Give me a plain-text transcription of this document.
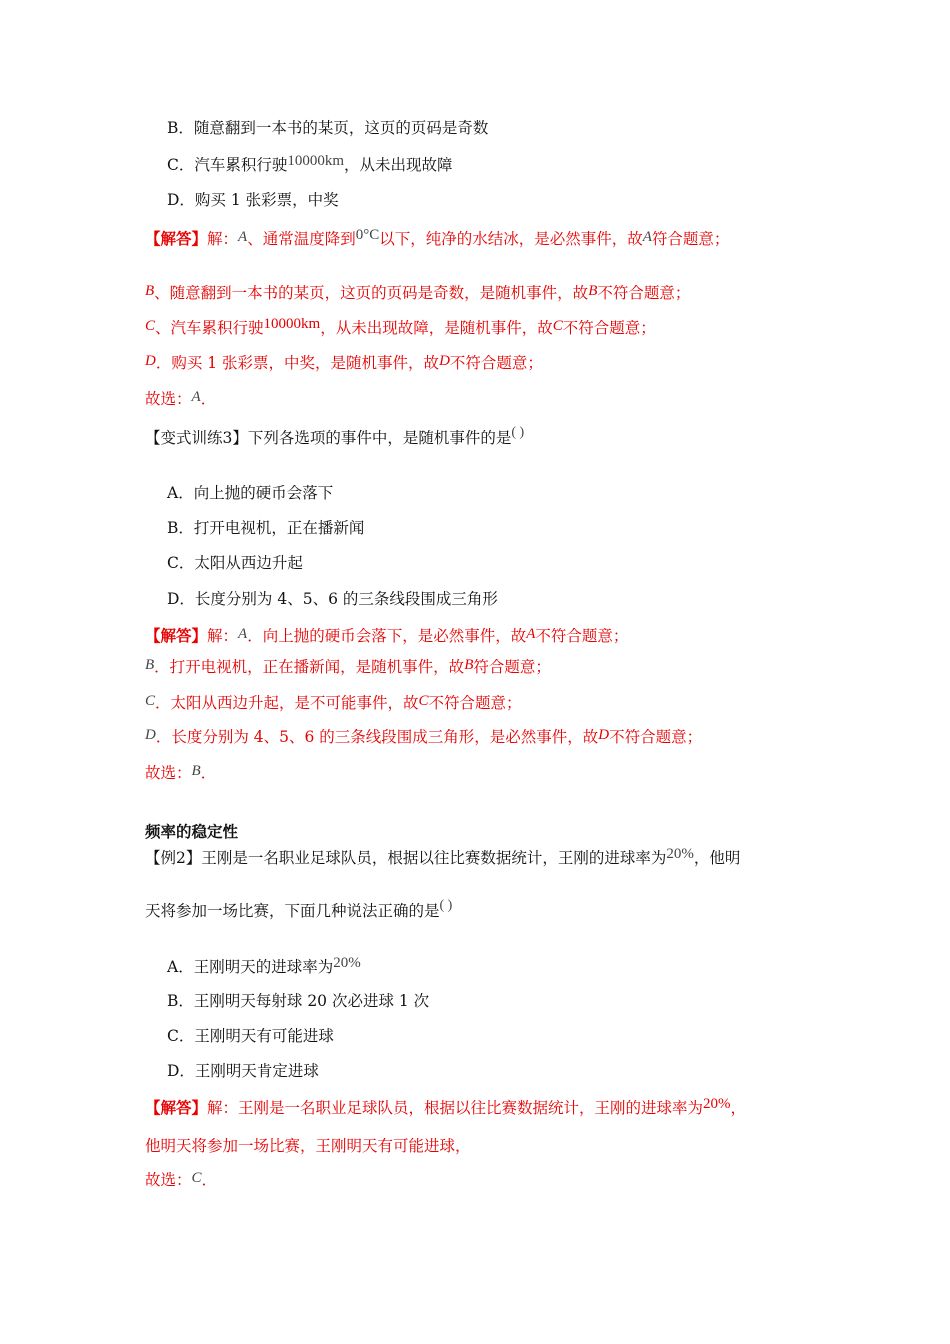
B．随意翻到一本书的某页，这页的页码是奇数
C．汽车累积行驶10000km，从未出现故障
D．购买 1 张彩票，中奖
【解答】解：A、通常温度降到0°C以下，纯净的水结冰，是必然事件，故A符合题意；
B、随意翻到一本书的某页，这页的页码是奇数，是随机事件，故B不符合题意；
C、汽车累积行驶10000km，从未出现故障，是随机事件，故C不符合题意；
D．购买 1 张彩票，中奖，是随机事件，故D不符合题意；
故选：A．
【变式训练3】下列各选项的事件中，是随机事件的是( )
A．向上抛的硬币会落下
B．打开电视机，正在播新闻
C．太阳从西边升起
D．长度分别为 4、5、6 的三条线段围成三角形
【解答】解：A．向上抛的硬币会落下，是必然事件，故A不符合题意；
B．打开电视机，正在播新闻，是随机事件，故B符合题意；
C．太阳从西边升起，是不可能事件，故C不符合题意；
D．长度分别为 4、5、6 的三条线段围成三角形，是必然事件，故D不符合题意；
故选：B．
频率的稳定性
【例2】王刚是一名职业足球队员，根据以往比赛数据统计，王刚的进球率为20%，他明
天将参加一场比赛，下面几种说法正确的是( )
A．王刚明天的进球率为20%
B．王刚明天每射球 20 次必进球 1 次
C．王刚明天有可能进球
D．王刚明天肯定进球
【解答】解：王刚是一名职业足球队员，根据以往比赛数据统计，王刚的进球率为20%，
他明天将参加一场比赛，王刚明天有可能进球，
故选：C．
